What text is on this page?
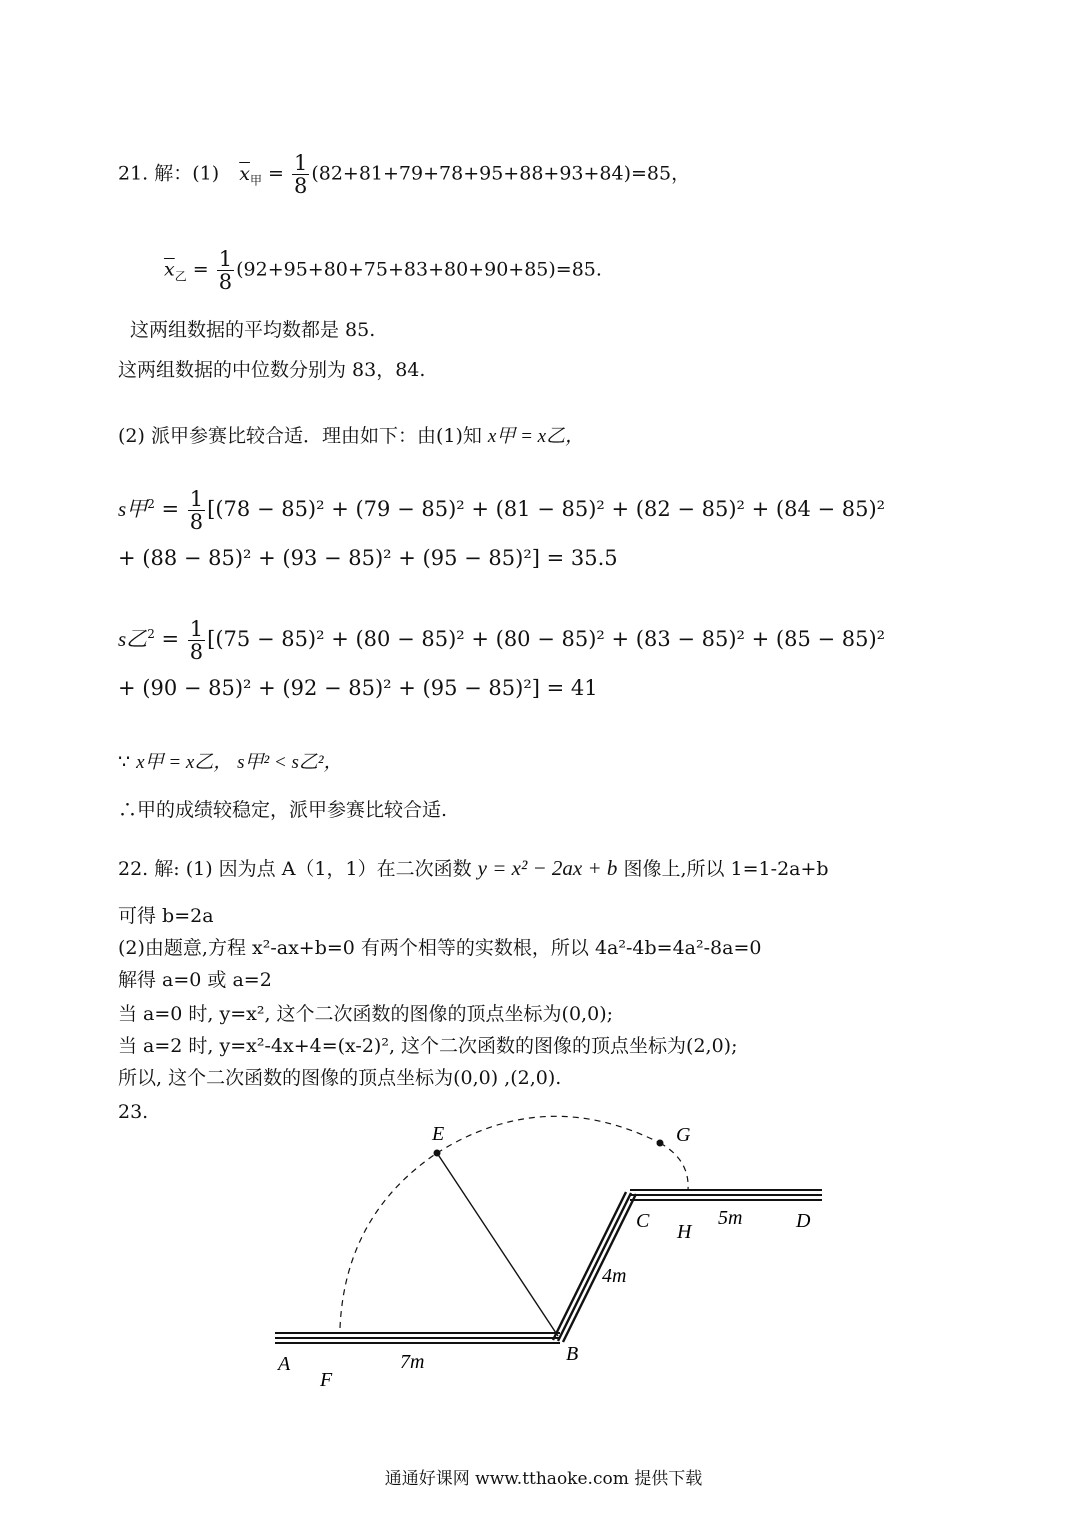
21. 解：(1) $\overline{x}_甲 = \frac{1}{8} (82+81+79+78+95+88+93+84)=85$，
$\overline{x}_乙 = \frac{1}{8} (92+95+80+75+83+80+90+85)=85$.
这两组数据的平均数都是 85.
这两组数据的中位数分别为 83，84.
(2) 派甲参赛比较合适．理由如下：由(1)知 x甲 = x乙，
s甲$^2 = \frac{1}{8} [(78 - 85)^2 + (79 - 85)^2 + (81 - 85)^2 + (82 - 85)^2 + (84 - 85)^2$
+ (88 − 85)² + (93 − 85)² + (95 − 85)²] = 35.5
s乙$^2 = \frac{1}{8} [(75 - 85)^2 + (80 - 85)^2 + (80 - 85)^2 + (83 - 85)^2 + (85 - 85)^2$
+ (90 − 85)² + (92 − 85)² + (95 − 85)²] = 41
∵ x甲 = x乙， s甲² < s乙²，
∴甲的成绩较稳定，派甲参赛比较合适.
22. 解: (1) 因为点 A（1，1）在二次函数 y = x² − 2ax + b 图像上,所以 1=1-2a+b
可得 b=2a
(2)由题意,方程 x²-ax+b=0 有两个相等的实数根，所以 4a²-4b=4a²-8a=0
解得 a=0 或 a=2
当 a=0 时, y=x², 这个二次函数的图像的顶点坐标为(0,0);
当 a=2 时, y=x²-4x+4=(x-2)², 这个二次函数的图像的顶点坐标为(2,0);
所以, 这个二次函数的图像的顶点坐标为(0,0) ,(2,0).
23.
E	G
C H
5m	D
4m
A
F
7m	B
通通好课网 www.tthaoke.com 提供下载
